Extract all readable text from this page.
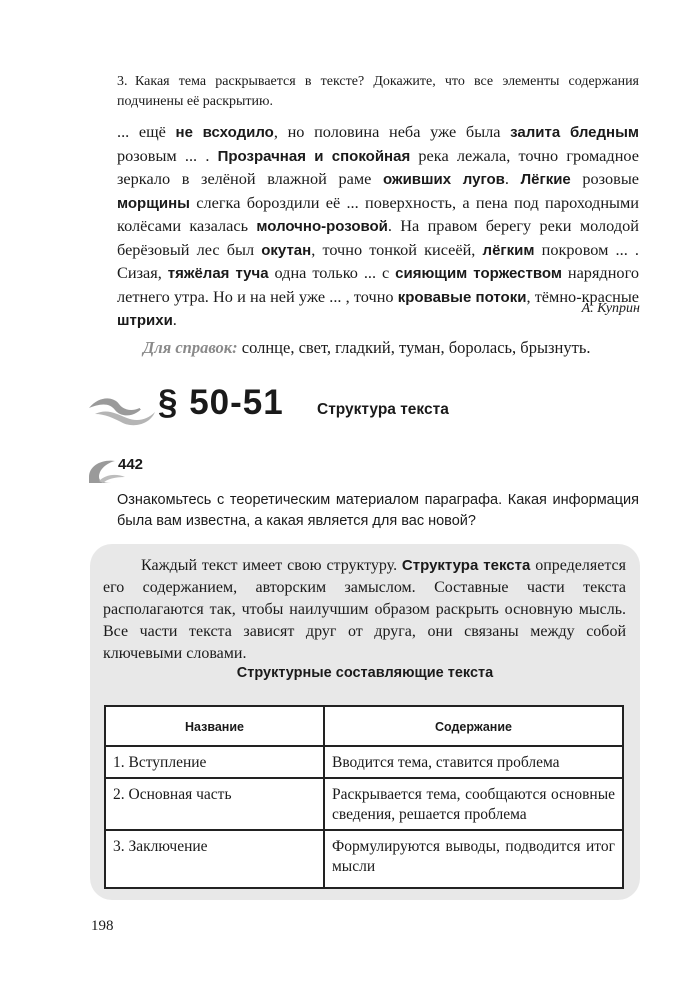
3. Какая тема раскрывается в тексте? Докажите, что все элементы содержания подчинены её раскрытию.
... ещё не всходило, но половина неба уже была залита бледным розовым ... . Прозрачная и спокойная река лежала, точно громадное зеркало в зелёной влажной раме оживших лугов. Лёгкие розовые морщины слегка бороздили её ... поверхность, а пена под пароходными колёсами казалась молочно-розовой. На правом берегу реки молодой берёзовый лес был окутан, точно тонкой кисеёй, лёгким покровом ... . Сизая, тяжёлая туча одна только ... с сияющим торжеством нарядного летнего утра. Но и на ней уже ... , точно кровавые потоки, тёмно-красные штрихи.
А. Куприн
Для справок: солнце, свет, гладкий, туман, боролась, брызнуть.
§ 50-51 Структура текста
442
Ознакомьтесь с теоретическим материалом параграфа. Какая информация была вам известна, а какая является для вас новой?
Каждый текст имеет свою структуру. Структура текста определяется его содержанием, авторским замыслом. Составные части текста располагаются так, чтобы наилучшим образом раскрыть основную мысль. Все части текста зависят друг от друга, они связаны между собой ключевыми словами.
Структурные составляющие текста
Название	Содержание
1. Вступление	Вводится тема, ставится проблема
2. Основная часть	Раскрывается тема, сообщаются основные сведения, решается проблема
3. Заключение	Формулируются выводы, подводится итог мысли
198
